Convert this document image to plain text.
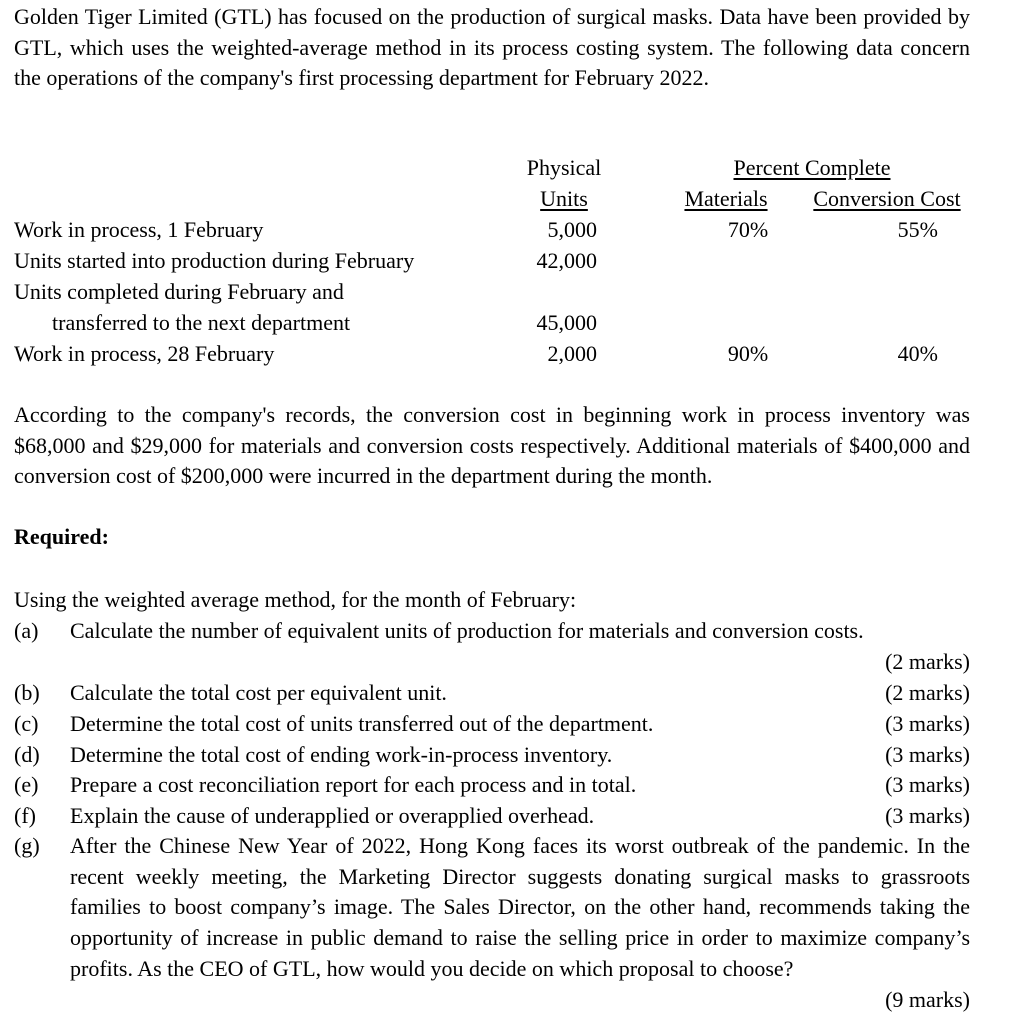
Golden Tiger Limited (GTL) has focused on the production of surgical masks. Data have been provided by GTL, which uses the weighted-average method in its process costing system. The following data concern the operations of the company's first processing department for February 2022.

Physical
Units
Percent Complete
Materials	Conversion Cost
Work in process, 1 February	5,000	70%	55%
Units started into production during February	42,000
Units completed during February and
transferred to the next department	45,000
Work in process, 28 February	2,000	90%	40%

According to the company's records, the conversion cost in beginning work in process inventory was $68,000 and $29,000 for materials and conversion costs respectively. Additional materials of $400,000 and conversion cost of $200,000 were incurred in the department during the month.

Required:

Using the weighted average method, for the month of February:
(a) Calculate the number of equivalent units of production for materials and conversion costs.
(2 marks)
(b) Calculate the total cost per equivalent unit.	(2 marks)
(c) Determine the total cost of units transferred out of the department.	(3 marks)
(d) Determine the total cost of ending work-in-process inventory.	(3 marks)
(e) Prepare a cost reconciliation report for each process and in total.	(3 marks)
(f) Explain the cause of underapplied or overapplied overhead.	(3 marks)
(g) After the Chinese New Year of 2022, Hong Kong faces its worst outbreak of the pandemic. In the recent weekly meeting, the Marketing Director suggests donating surgical masks to grassroots families to boost company’s image. The Sales Director, on the other hand, recommends taking the opportunity of increase in public demand to raise the selling price in order to maximize company’s profits. As the CEO of GTL, how would you decide on which proposal to choose?

(9 marks)
